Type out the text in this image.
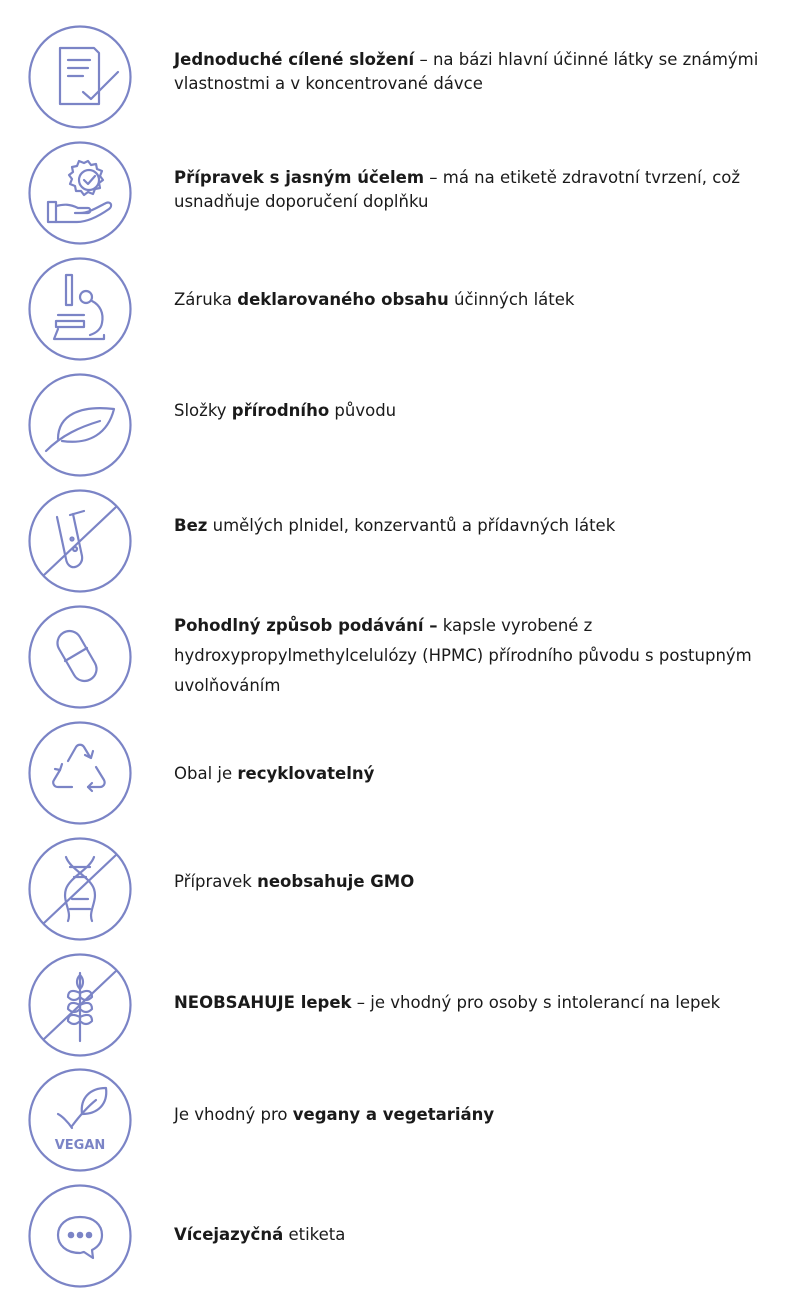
Jednoduché cílené složení – na bázi hlavní účinné látky se známými vlastnostmi a v koncentrované dávce
Přípravek s jasným účelem – má na etiketě zdravotní tvrzení, což usnadňuje doporučení doplňku
Záruka deklarovaného obsahu účinných látek
Složky přírodního původu
Bez umělých plnidel, konzervantů a přídavných látek
Pohodlný způsob podávání – kapsle vyrobené z hydroxypropylmethylcelulózy (HPMC) přírodního původu s postupným uvolňováním
Obal je recyklovatelný
Přípravek neobsahuje GMO
NEOBSAHUJE lepek – je vhodný pro osoby s intolerancí na lepek
VEGAN
Je vhodný pro vegany a vegetariány
Vícejazyčná etiketa
